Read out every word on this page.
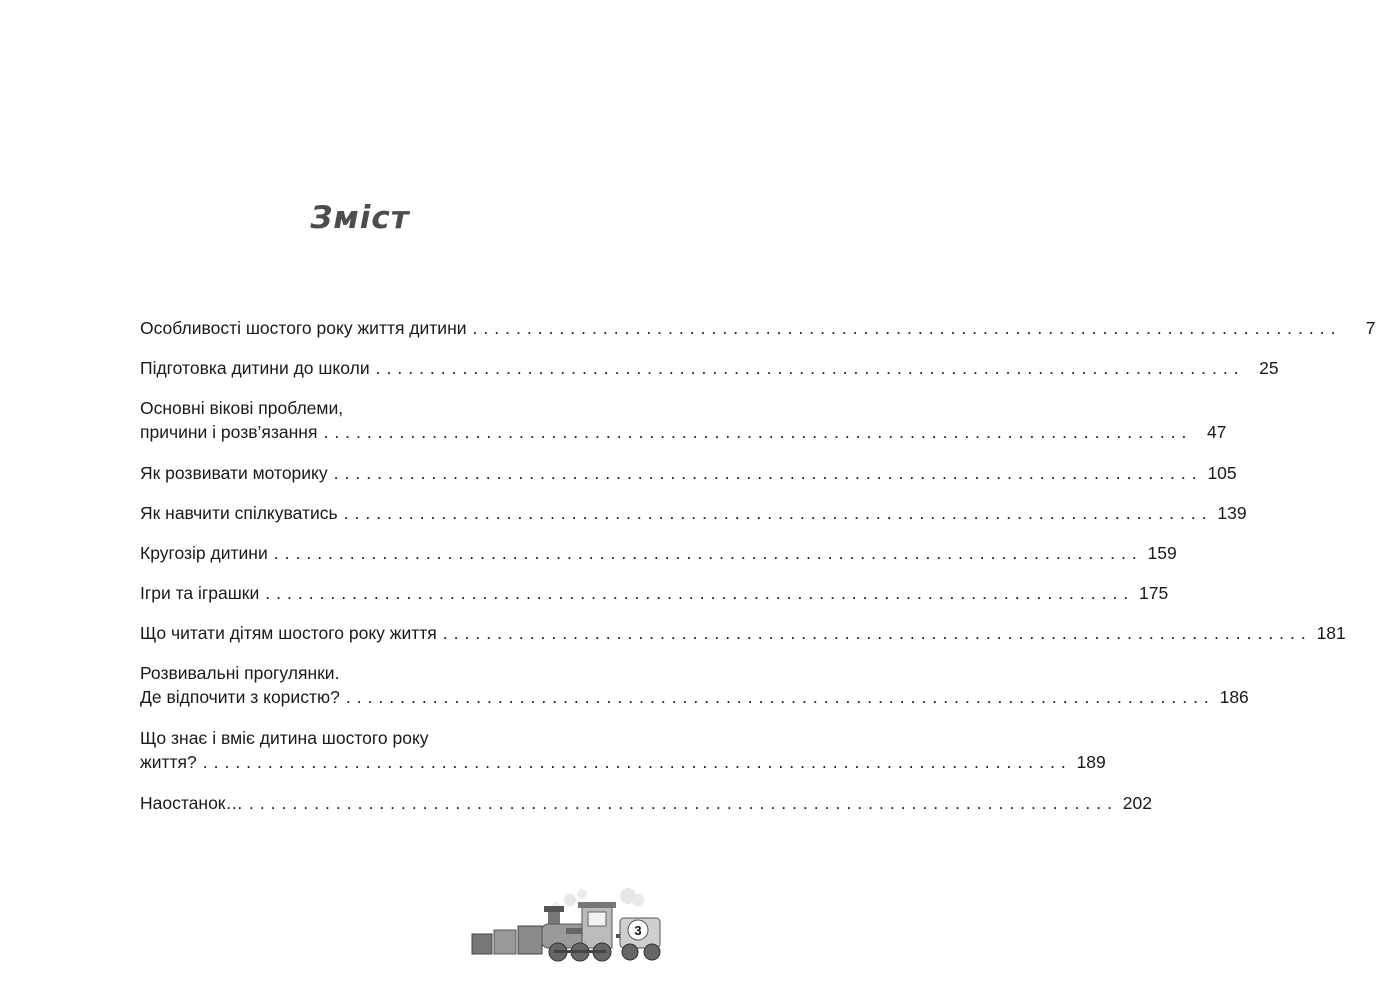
Зміст
Особливості шостого року життя дитини ................................................................................	7
Підготовка дитини до школи ................................................................................ 25
Основні вікові проблеми,
причини і розв’язання ................................................................................ 47
Як розвивати моторику ................................................................................ 105
Як навчити спілкуватись ................................................................................ 139
Кругозір дитини ................................................................................ 159
Ігри та іграшки ................................................................................ 175
Що читати дітям шостого року життя ................................................................................ 181
Розвивальні прогулянки.
Де відпочити з користю? ................................................................................ 186
Що знає і вміє дитина шостого року
життя? ................................................................................ 189
Наостанок… ................................................................................ 202
3
